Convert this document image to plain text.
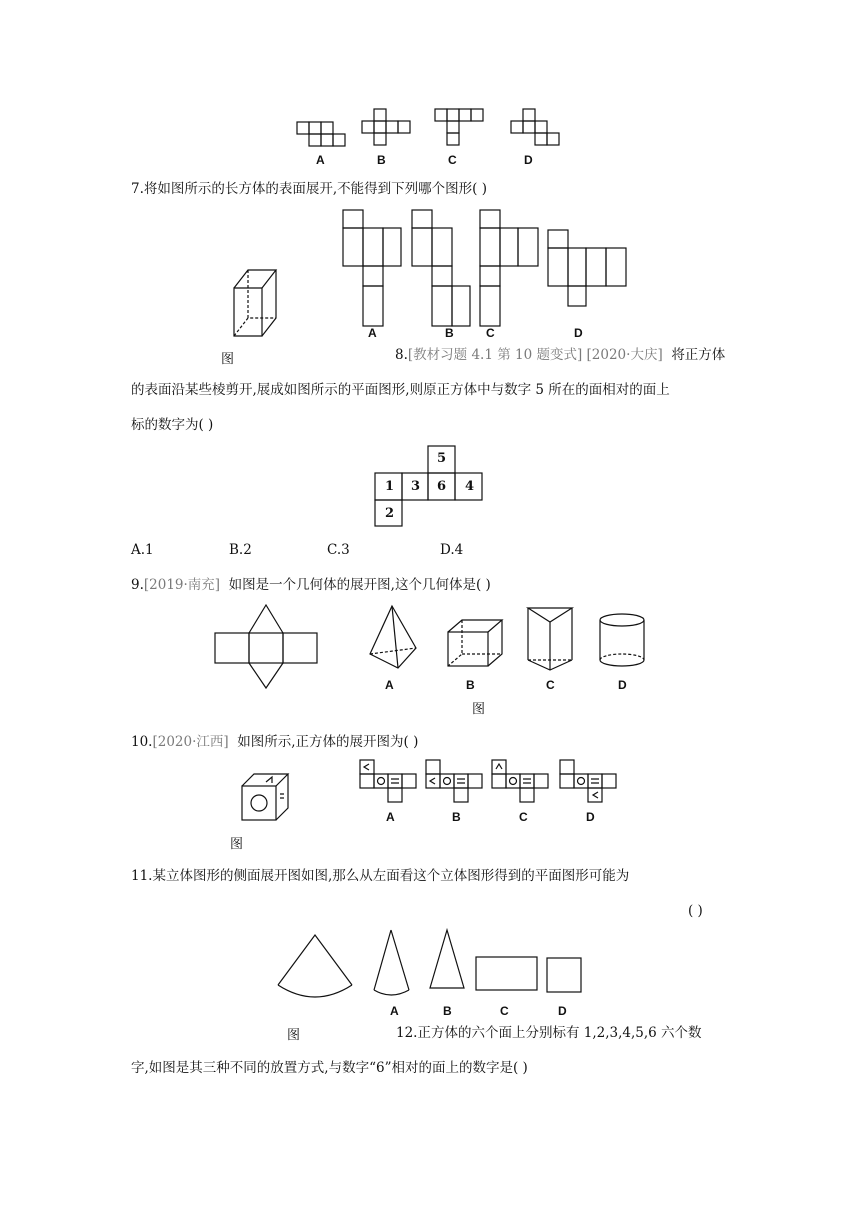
A	B	C	D
7.将如图所示的长方体的表面展开,不能得到下列哪个图形( )
图
A	B	C	D
8.[教材习题 4.1 第 10 题变式] [2020·大庆] 将正方体
的表面沿某些棱剪开,展成如图所示的平面图形,则原正方体中与数字 5 所在的面相对的面上
标的数字为( )
5
1 3 6 4
2
A.1	B.2	C.3	D.4
9.[2019·南充] 如图是一个几何体的展开图,这个几何体是( )
A	B	C	D
图
10.[2020·江西] 如图所示,正方体的展开图为( )
图
A	B	C	D
11.某立体图形的侧面展开图如图,那么从左面看这个立体图形得到的平面图形可能为
( )
A	B	C	D
图	12.正方体的六个面上分别标有 1,2,3,4,5,6 六个数
字,如图是其三种不同的放置方式,与数字“6”相对的面上的数字是( )
